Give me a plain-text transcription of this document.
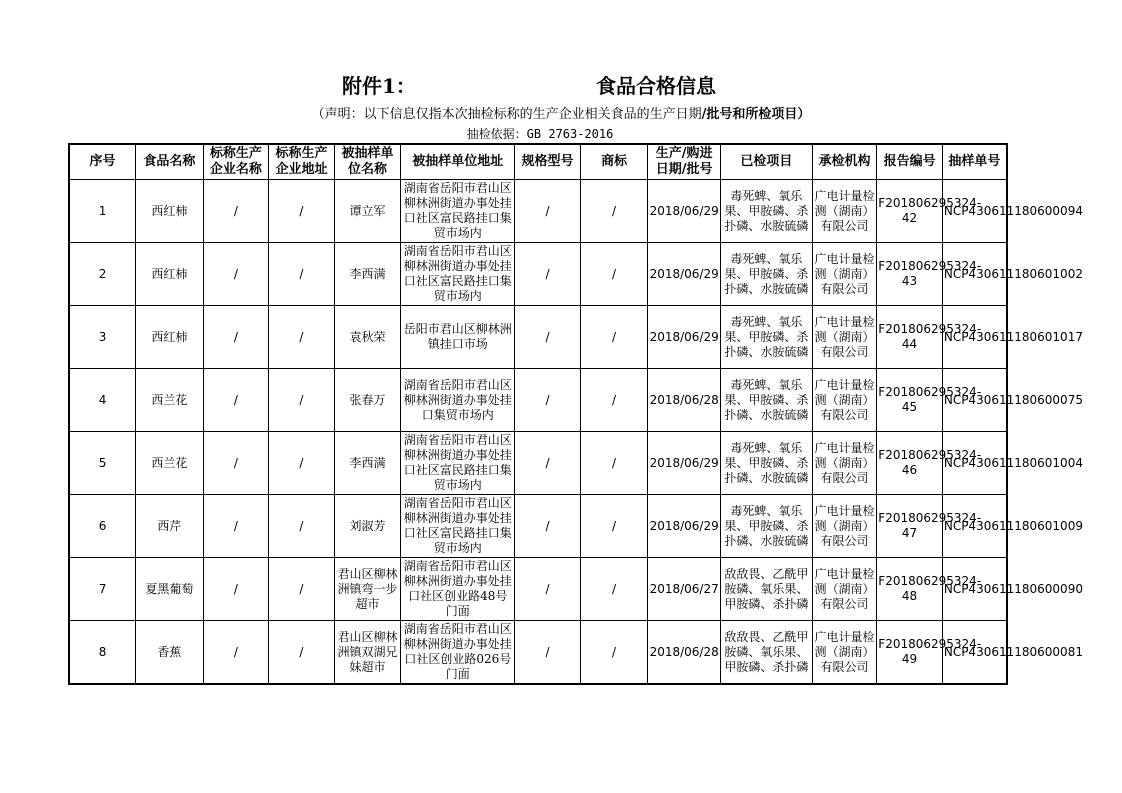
附件1：	食品合格信息
（声明：以下信息仅指本次抽检标称的生产企业相关食品的生产日期/批号和所检项目）
抽检依据：GB 2763-2016
序号	食品名称	标称生产企业名称	标称生产企业地址	被抽样单位名称	被抽样单位地址	规格型号	商标	生产/购进日期/批号	已检项目	承检机构	报告编号	抽样单号

1	西红柿	/	/	谭立军	湖南省岳阳市君山区柳林洲街道办事处挂口社区富民路挂口集贸市场内	/	/	2018/06/29	毒死蜱、氧乐果、甲胺磷、杀扑磷、水胺硫磷	广电计量检测（湖南）有限公司	F201806295324-42	NCP430611180600094

2	西红柿	/	/	李西满	湖南省岳阳市君山区柳林洲街道办事处挂口社区富民路挂口集贸市场内	/	/	2018/06/29	毒死蜱、氧乐果、甲胺磷、杀扑磷、水胺硫磷	广电计量检测（湖南）有限公司	F201806295324-43	NCP430611180601002

3	西红柿	/	/	袁秋荣	岳阳市君山区柳林洲镇挂口市场	/	/	2018/06/29	毒死蜱、氧乐果、甲胺磷、杀扑磷、水胺硫磷	广电计量检测（湖南）有限公司	F201806295324-44	NCP430611180601017

4	西兰花	/	/	张春万	湖南省岳阳市君山区柳林洲街道办事处挂口集贸市场内	/	/	2018/06/28	毒死蜱、氧乐果、甲胺磷、杀扑磷、水胺硫磷	广电计量检测（湖南）有限公司	F201806295324-45	NCP430611180600075

5	西兰花	/	/	李西满	湖南省岳阳市君山区柳林洲街道办事处挂口社区富民路挂口集贸市场内	/	/	2018/06/29	毒死蜱、氧乐果、甲胺磷、杀扑磷、水胺硫磷	广电计量检测（湖南）有限公司	F201806295324-46	NCP430611180601004

6	西芹	/	/	刘淑芳	湖南省岳阳市君山区柳林洲街道办事处挂口社区富民路挂口集贸市场内	/	/	2018/06/29	毒死蜱、氧乐果、甲胺磷、杀扑磷、水胺硫磷	广电计量检测（湖南）有限公司	F201806295324-47	NCP430611180601009

7	夏黑葡萄	/	/	君山区柳林洲镇弯一步超市	湖南省岳阳市君山区柳林洲街道办事处挂口社区创业路48号门面	/	/	2018/06/27	敌敌畏、乙酰甲胺磷、氧乐果、甲胺磷、杀扑磷	广电计量检测（湖南）有限公司	F201806295324-48	NCP430611180600090

8	香蕉	/	/	君山区柳林洲镇双湖兄妹超市	湖南省岳阳市君山区柳林洲街道办事处挂口社区创业路026号门面	/	/	2018/06/28	敌敌畏、乙酰甲胺磷、氧乐果、甲胺磷、杀扑磷	广电计量检测（湖南）有限公司	F201806295324-49	NCP430611180600081
